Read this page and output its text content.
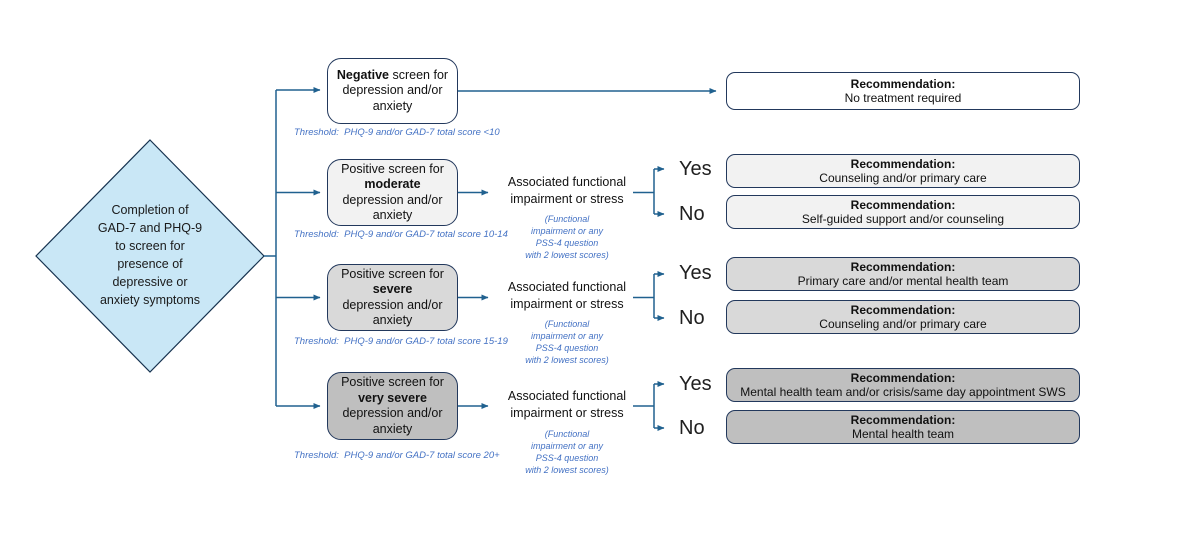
Completion of
GAD-7 and PHQ-9
to screen for
presence of
depressive or
anxiety symptoms
Negative screen for
depression and/or
anxiety
Threshold:  PHQ-9 and/or GAD-7 total score <10
Recommendation:
No treatment required
Positive screen for
moderate
depression and/or
anxiety
Threshold:  PHQ-9 and/or GAD-7 total score 10-14
Associated functional
impairment or stress
(Functional
impairment or any
PSS-4 question
with 2 lowest scores)
Yes
No
Recommendation:
Counseling and/or primary care
Recommendation:
Self-guided support and/or counseling
Positive screen for
severe
depression and/or
anxiety
Threshold:  PHQ-9 and/or GAD-7 total score 15-19
Associated functional
impairment or stress
(Functional
impairment or any
PSS-4 question
with 2 lowest scores)
Yes
No
Recommendation:
Primary care and/or mental health team
Recommendation:
Counseling and/or primary care
Positive screen for
very severe
depression and/or
anxiety
Threshold:  PHQ-9 and/or GAD-7 total score 20+
Associated functional
impairment or stress
(Functional
impairment or any
PSS-4 question
with 2 lowest scores)
Yes
No
Recommendation:
Mental health team and/or crisis/same day appointment SWS
Recommendation:
Mental health team
